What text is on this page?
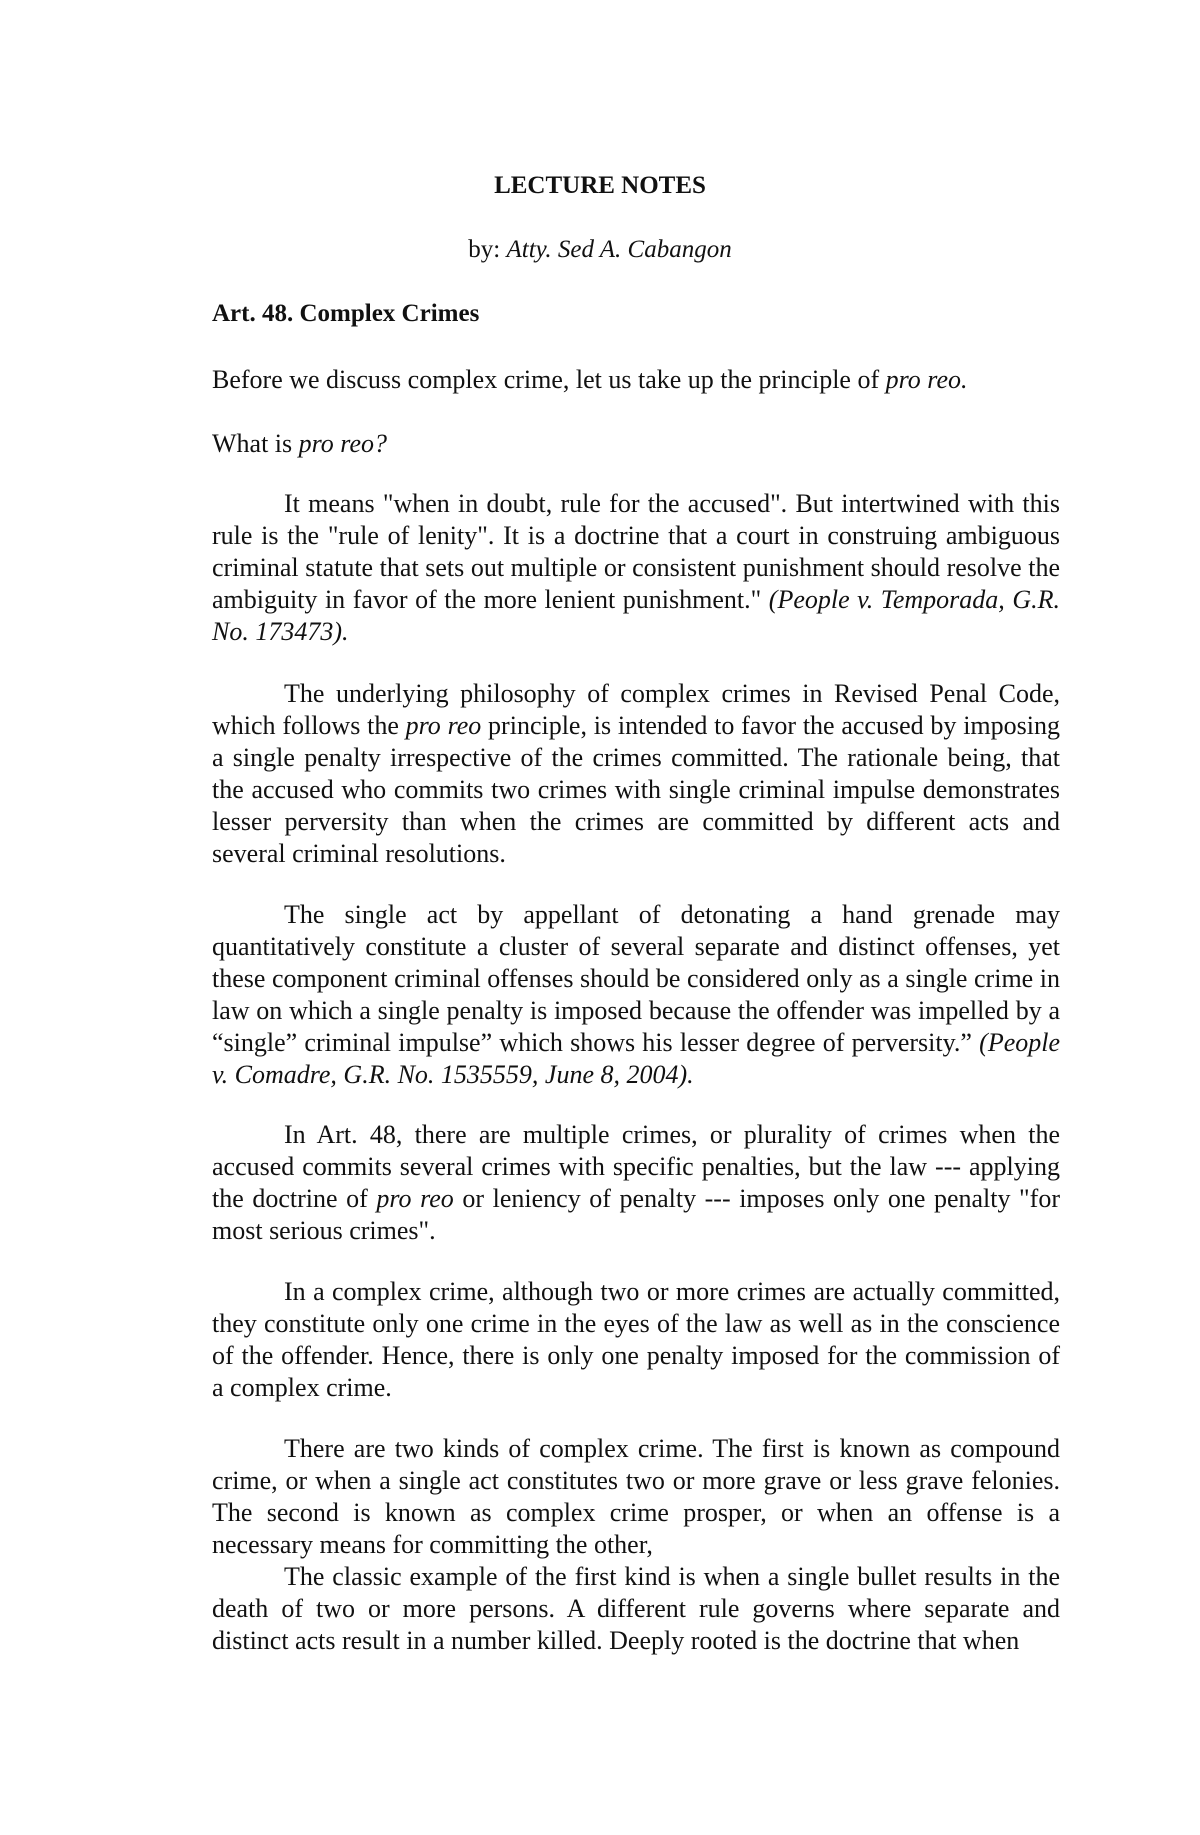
LECTURE NOTES
by: Atty. Sed A. Cabangon
Art. 48. Complex Crimes
Before we discuss complex crime, let us take up the principle of pro reo.
What is pro reo?

It means "when in doubt, rule for the accused". But intertwined with this rule is the "rule of lenity". It is a doctrine that a court in construing ambiguous criminal statute that sets out multiple or consistent punishment should resolve the ambiguity in favor of the more lenient punishment." (People v. Temporada, G.R. No. 173473).

The underlying philosophy of complex crimes in Revised Penal Code, which follows the pro reo principle, is intended to favor the accused by imposing a single penalty irrespective of the crimes committed. The rationale being, that the accused who commits two crimes with single criminal impulse demonstrates lesser perversity than when the crimes are committed by different acts and several criminal resolutions.

The single act by appellant of detonating a hand grenade may quantitatively constitute a cluster of several separate and distinct offenses, yet these component criminal offenses should be considered only as a single crime in law on which a single penalty is imposed because the offender was impelled by a “single” criminal impulse” which shows his lesser degree of perversity.” (People v. Comadre, G.R. No. 1535559, June 8, 2004).

In Art. 48, there are multiple crimes, or plurality of crimes when the accused commits several crimes with specific penalties, but the law --- applying the doctrine of pro reo or leniency of penalty --- imposes only one penalty "for most serious crimes".

In a complex crime, although two or more crimes are actually committed, they constitute only one crime in the eyes of the law as well as in the conscience of the offender. Hence, there is only one penalty imposed for the commission of a complex crime.

There are two kinds of complex crime. The first is known as compound crime, or when a single act constitutes two or more grave or less grave felonies. The second is known as complex crime prosper, or when an offense is a necessary means for committing the other,

The classic example of the first kind is when a single bullet results in the death of two or more persons. A different rule governs where separate and distinct acts result in a number killed. Deeply rooted is the doctrine that when
